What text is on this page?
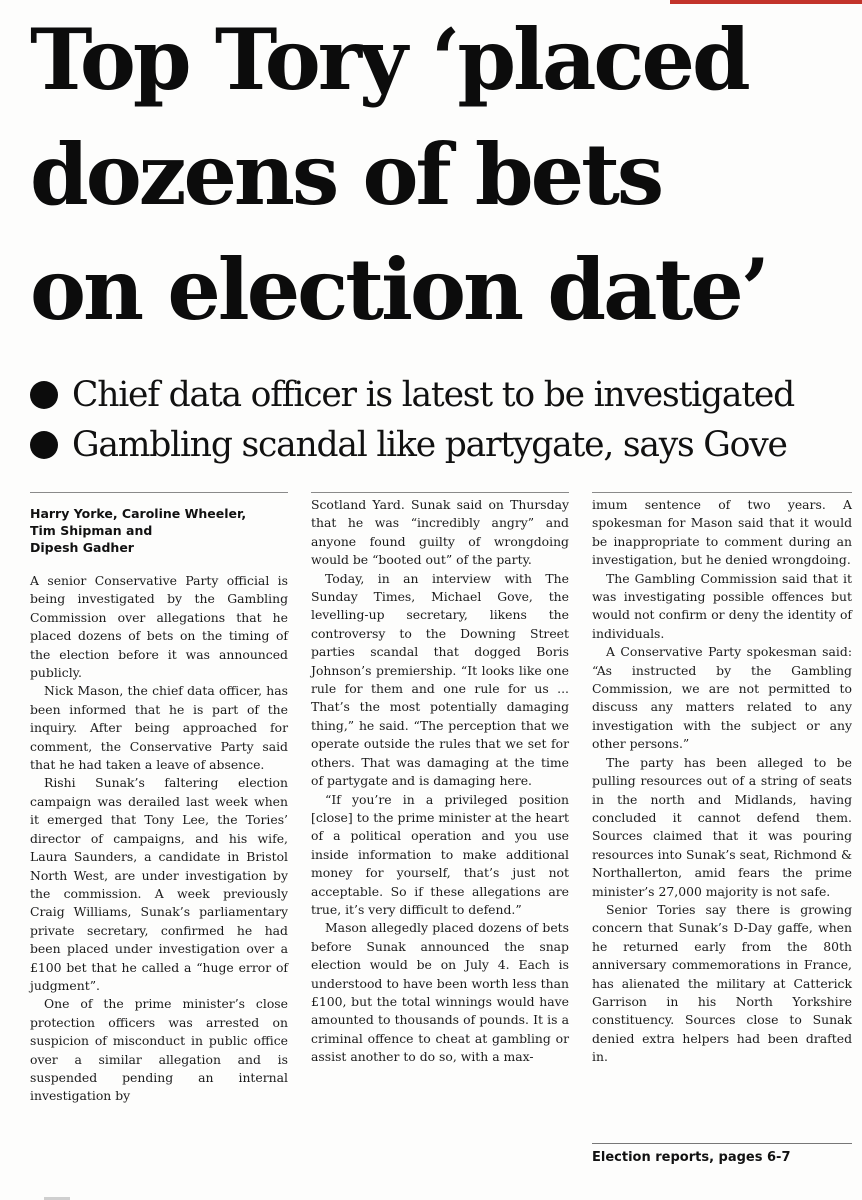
Top Tory ‘placed
dozens of bets
on election date’
Chief data officer is latest to be investigated
Gambling scandal like partygate, says Gove
Harry Yorke, Caroline Wheeler,
Tim Shipman and
Dipesh Gadher

A senior Conservative Party official is being investigated by the Gambling Commission over allegations that he placed dozens of bets on the timing of the election before it was announced publicly.

Nick Mason, the chief data officer, has been informed that he is part of the inquiry. After being approached for comment, the Conservative Party said that he had taken a leave of absence.

Rishi Sunak’s faltering election campaign was derailed last week when it emerged that Tony Lee, the Tories’ director of campaigns, and his wife, Laura Saunders, a candidate in Bristol North West, are under investigation by the commission. A week previously Craig Williams, Sunak’s parliamentary private secretary, confirmed he had been placed under investigation over a £100 bet that he called a “huge error of judgment”.

One of the prime minister’s close protection officers was arrested on suspicion of misconduct in public office over a similar allegation and is suspended pending an internal investigation by

Scotland Yard. Sunak said on Thursday that he was “incredibly angry” and anyone found guilty of wrongdoing would be “booted out” of the party.

Today, in an interview with The Sunday Times, Michael Gove, the levelling-up secretary, likens the controversy to the Downing Street parties scandal that dogged Boris Johnson’s premiership. “It looks like one rule for them and one rule for us ... That’s the most potentially damaging thing,” he said. “The perception that we operate outside the rules that we set for others. That was damaging at the time of partygate and is damaging here.

“If you’re in a privileged position [close] to the prime minister at the heart of a political operation and you use inside information to make additional money for yourself, that’s just not acceptable. So if these allegations are true, it’s very difficult to defend.”

Mason allegedly placed dozens of bets before Sunak announced the snap election would be on July 4. Each is understood to have been worth less than £100, but the total winnings would have amounted to thousands of pounds. It is a criminal offence to cheat at gambling or assist another to do so, with a max-

imum sentence of two years. A spokesman for Mason said that it would be inappropriate to comment during an investigation, but he denied wrongdoing.

The Gambling Commission said that it was investigating possible offences but would not confirm or deny the identity of individuals.

A Conservative Party spokesman said: “As instructed by the Gambling Commission, we are not permitted to discuss any matters related to any investigation with the subject or any other persons.”

The party has been alleged to be pulling resources out of a string of seats in the north and Midlands, having concluded it cannot defend them. Sources claimed that it was pouring resources into Sunak’s seat, Richmond & Northallerton, amid fears the prime minister’s 27,000 majority is not safe.

Senior Tories say there is growing concern that Sunak’s D-Day gaffe, when he returned early from the 80th anniversary commemorations in France, has alienated the military at Catterick Garrison in his North Yorkshire constituency. Sources close to Sunak denied extra helpers had been drafted in.

Election reports, pages 6-7
